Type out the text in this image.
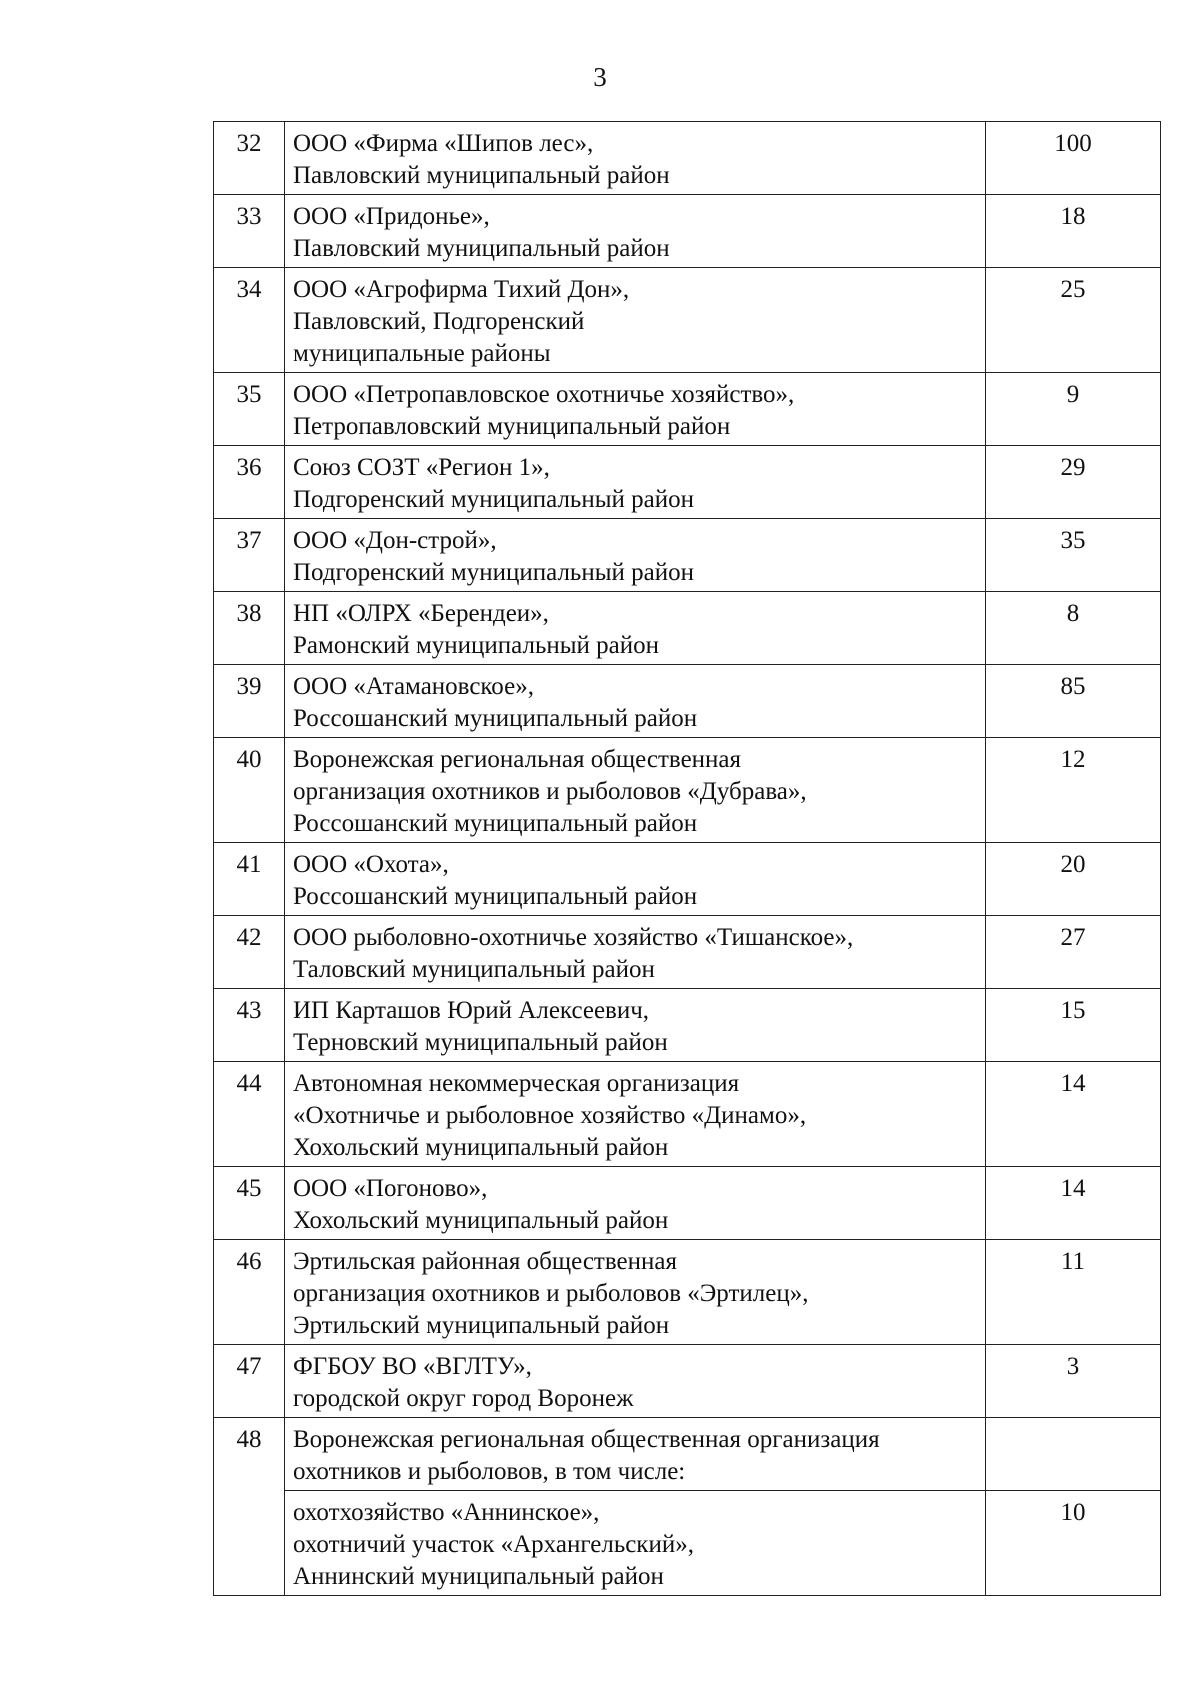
3
32	ООО «Фирма «Шипов лес»,
Павловский муниципальный район	100
33	ООО «Придонье»,
Павловский муниципальный район	18
34	ООО «Агрофирма Тихий Дон»,
Павловский, Подгоренский
муниципальные районы	25
35	ООО «Петропавловское охотничье хозяйство»,
Петропавловский муниципальный район	9
36	Союз СОЗТ «Регион 1»,
Подгоренский муниципальный район	29
37	ООО «Дон-строй»,
Подгоренский муниципальный район	35
38	НП «ОЛРХ «Берендеи»,
Рамонский муниципальный район	8
39	ООО «Атамановское»,
Россошанский муниципальный район	85
40	Воронежская региональная общественная
организация охотников и рыболовов «Дубрава»,
Россошанский муниципальный район	12
41	ООО «Охота»,
Россошанский муниципальный район	20
42	ООО рыболовно-охотничье хозяйство «Тишанское»,
Таловский муниципальный район	27
43	ИП Карташов Юрий Алексеевич,
Терновский муниципальный район	15
44	Автономная некоммерческая организация
«Охотничье и рыболовное хозяйство «Динамо»,
Хохольский муниципальный район	14
45	ООО «Погоново»,
Хохольский муниципальный район	14
46	Эртильская районная общественная
организация охотников и рыболовов «Эртилец»,
Эртильский муниципальный район	11
47	ФГБОУ ВО «ВГЛТУ»,
городской округ город Воронеж	3
48	Воронежская региональная общественная организация
охотников и рыболовов, в том числе:	

	охотхозяйство «Аннинское»,
охотничий участок «Архангельский»,
Аннинский муниципальный район	10
